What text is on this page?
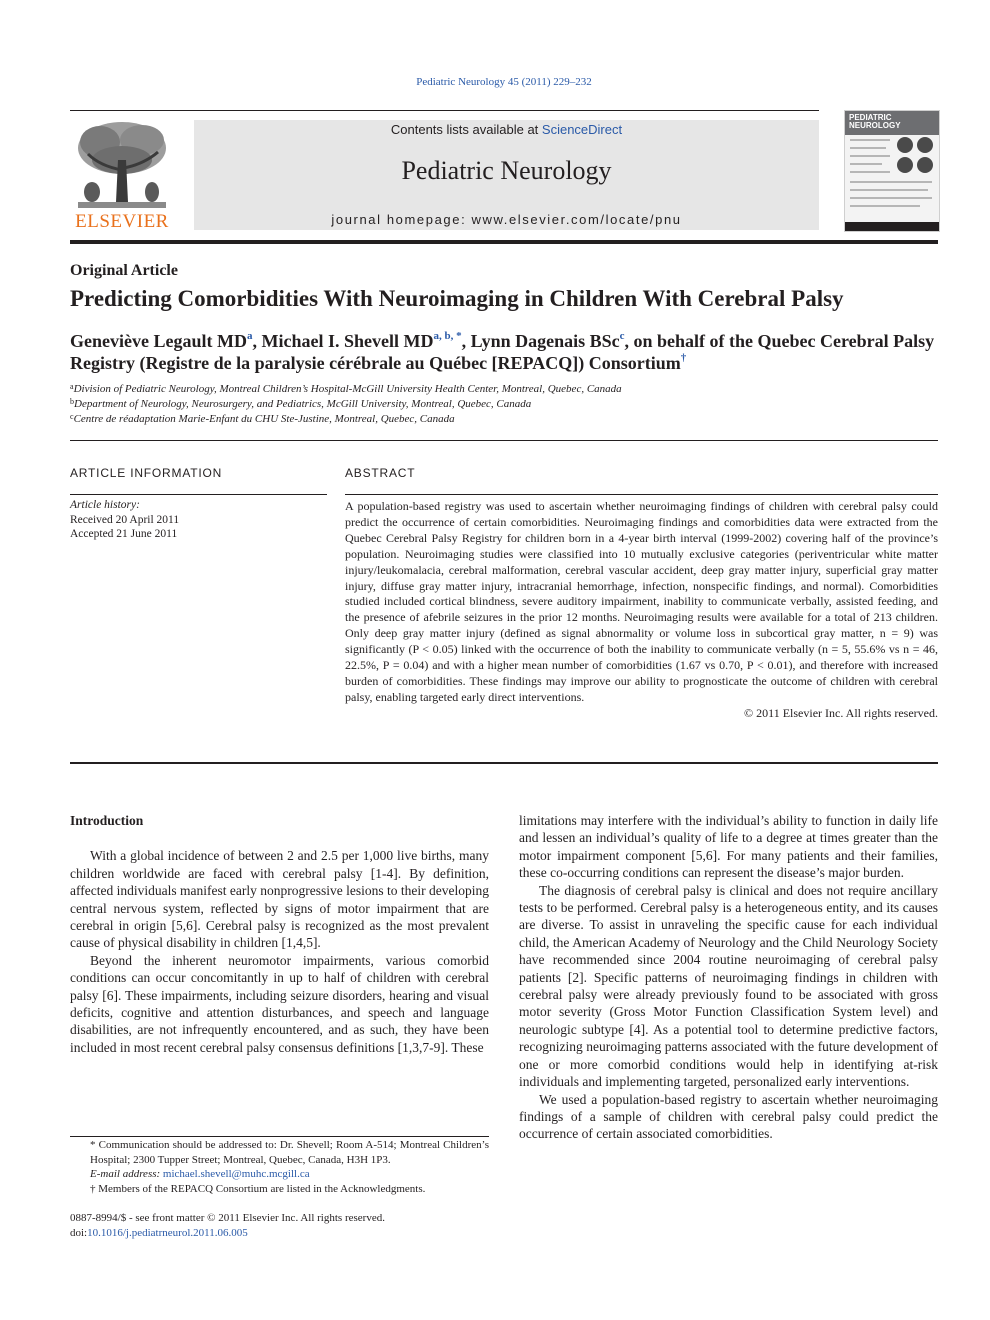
Pediatric Neurology 45 (2011) 229–232
ELSEVIER
Contents lists available at ScienceDirect
Pediatric Neurology
journal homepage: www.elsevier.com/locate/pnu
PEDIATRIC NEUROLOGY
Original Article
Predicting Comorbidities With Neuroimaging in Children With Cerebral Palsy
Geneviève Legault $MD^a$, Michael I. Shevell $MD^{a, b, *}$, Lynn Dagenais BSc$^c$, on behalf of the Quebec Cerebral Palsy Registry (Registre de la paralysie cérébrale au Québec [REPACQ]) Consortium†
$^a$Division of Pediatric Neurology, Montreal Children’s Hospital-McGill University Health Center, Montreal, Quebec, Canada
$^b$Department of Neurology, Neurosurgery, and Pediatrics, McGill University, Montreal, Quebec, Canada
$^c$Centre de réadaptation Marie-Enfant du CHU Ste-Justine, Montreal, Quebec, Canada
ARTICLE INFORMATION	ABSTRACT
Article history:
Received 20 April 2011
Accepted 21 June 2011
A population-based registry was used to ascertain whether neuroimaging findings of children with cerebral palsy could predict the occurrence of certain comorbidities. Neuroimaging findings and comorbidities data were extracted from the Quebec Cerebral Palsy Registry for children born in a 4-year birth interval (1999-2002) covering half of the province’s population. Neuroimaging studies were classified into 10 mutually exclusive categories (periventricular white matter injury/leukomalacia, cerebral malformation, cerebral vascular accident, deep gray matter injury, superficial gray matter injury, diffuse gray matter injury, intracranial hemorrhage, infection, nonspecific findings, and normal). Comorbidities studied included cortical blindness, severe auditory impairment, inability to communicate verbally, assisted feeding, and the presence of afebrile seizures in the prior 12 months. Neuroimaging results were available for a total of 213 children. Only deep gray matter injury (defined as signal abnormality or volume loss in subcortical gray matter, n = 9) was significantly (P < 0.05) linked with the occurrence of both the inability to communicate verbally (n = 5, 55.6% vs n = 46, 22.5%, P = 0.04) and with a higher mean number of comorbidities (1.67 vs 0.70, P < 0.01), and therefore with increased burden of comorbidities. These findings may improve our ability to prognosticate the outcome of children with cerebral palsy, enabling targeted early direct interventions.
© 2011 Elsevier Inc. All rights reserved.
Introduction

With a global incidence of between 2 and 2.5 per 1,000 live births, many children worldwide are faced with cerebral palsy [1-4]. By definition, affected individuals manifest early nonprogressive lesions to their developing central nervous system, reflected by signs of motor impairment that are cerebral in origin [5,6]. Cerebral palsy is recognized as the most prevalent cause of physical disability in children [1,4,5].

Beyond the inherent neuromotor impairments, various comorbid conditions can occur concomitantly in up to half of children with cerebral palsy [6]. These impairments, including seizure disorders, hearing and visual deficits, cognitive and attention disturbances, and speech and language disabilities, are not infrequently encountered, and as such, they have been included in most recent cerebral palsy consensus definitions [1,3,7-9]. These

limitations may interfere with the individual’s ability to function in daily life and lessen an individual’s quality of life to a degree at times greater than the motor impairment component [5,6]. For many patients and their families, these co-occurring conditions can represent the disease’s major burden.

The diagnosis of cerebral palsy is clinical and does not require ancillary tests to be performed. Cerebral palsy is a heterogeneous entity, and its causes are diverse. To assist in unraveling the specific cause for each individual child, the American Academy of Neurology and the Child Neurology Society have recommended since 2004 routine neuroimaging of cerebral palsy patients [2]. Specific patterns of neuroimaging findings in children with cerebral palsy were already previously found to be associated with gross motor severity (Gross Motor Function Classification System level) and neurologic subtype [4]. As a potential tool to determine predictive factors, recognizing neuroimaging patterns associated with the future development of one or more comorbid conditions would help in identifying at-risk individuals and implementing targeted, personalized early interventions.

We used a population-based registry to ascertain whether neuroimaging findings of a sample of children with cerebral palsy could predict the occurrence of certain associated comorbidities.

* Communication should be addressed to: Dr. Shevell; Room A-514; Montreal Children’s Hospital; 2300 Tupper Street; Montreal, Quebec, Canada, H3H 1P3.

E-mail address: michael.shevell@muhc.mcgill.ca

† Members of the REPACQ Consortium are listed in the Acknowledgments.

0887-8994/$ - see front matter © 2011 Elsevier Inc. All rights reserved.
doi:10.1016/j.pediatrneurol.2011.06.005
